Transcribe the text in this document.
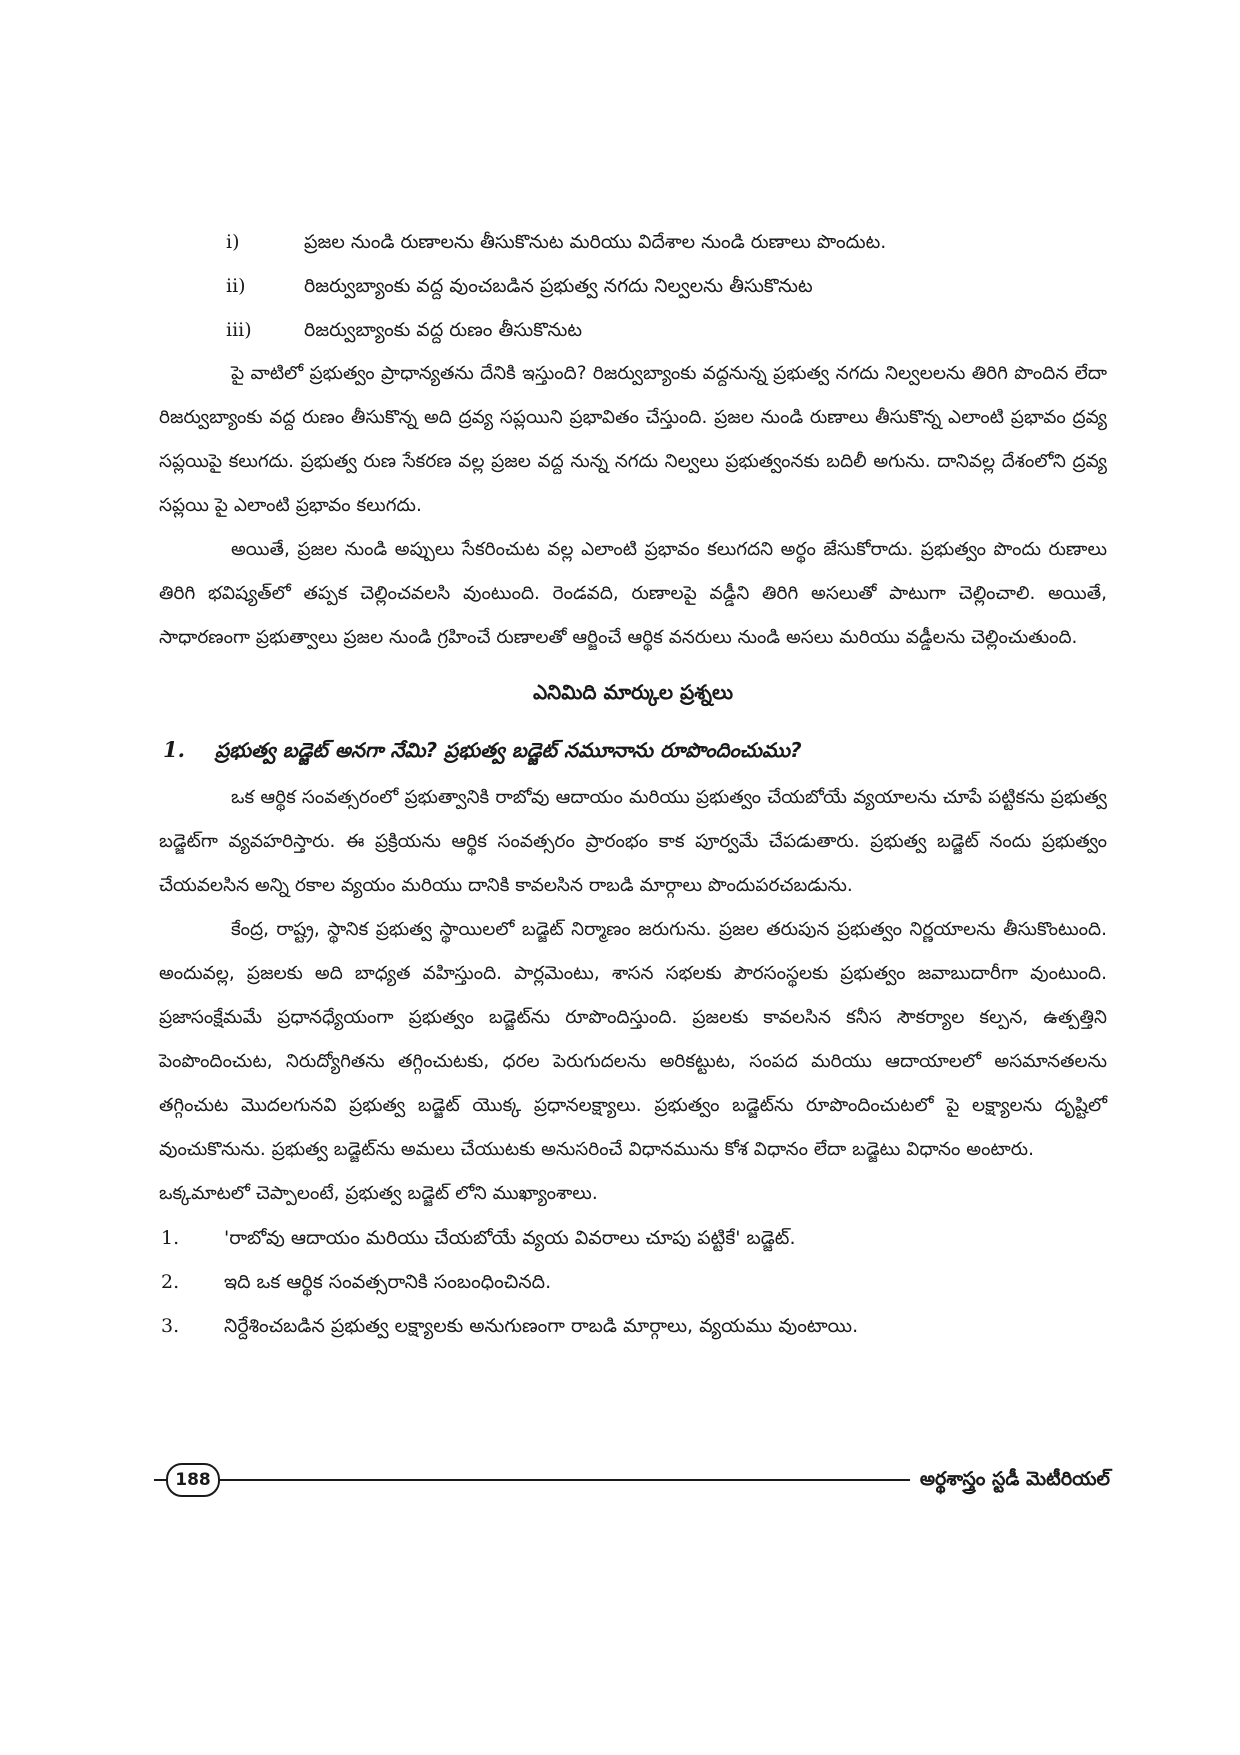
i)	ప్రజల నుండి రుణాలను తీసుకొనుట మరియు విదేశాల నుండి రుణాలు పొందుట.
ii)	రిజర్వుబ్యాంకు వద్ద వుంచబడిన ప్రభుత్వ నగదు నిల్వలను తీసుకొనుట
iii)	రిజర్వుబ్యాంకు వద్ద రుణం తీసుకొనుట

పై వాటిలో ప్రభుత్వం ప్రాధాన్యతను దేనికి ఇస్తుంది? రిజర్వుబ్యాంకు వద్దనున్న ప్రభుత్వ నగదు నిల్వలలను తిరిగి పొందిన లేదా రిజర్వుబ్యాంకు వద్ద రుణం తీసుకొన్న అది ద్రవ్య సప్లయిని ప్రభావితం చేస్తుంది. ప్రజల నుండి రుణాలు తీసుకొన్న ఎలాంటి ప్రభావం ద్రవ్య సప్లయిపై కలుగదు. ప్రభుత్వ రుణ సేకరణ వల్ల ప్రజల వద్ద నున్న నగదు నిల్వలు ప్రభుత్వంనకు బదిలీ అగును. దానివల్ల దేశంలోని ద్రవ్య సప్లయి పై ఎలాంటి ప్రభావం కలుగదు.

అయితే, ప్రజల నుండి అప్పులు సేకరించుట వల్ల ఎలాంటి ప్రభావం కలుగదని అర్థం జేసుకోరాదు. ప్రభుత్వం పొందు రుణాలు తిరిగి భవిష్యత్‌లో తప్పక చెల్లించవలసి వుంటుంది. రెండవది, రుణాలపై వడ్డీని తిరిగి అసలుతో పాటుగా చెల్లించాలి. అయితే, సాధారణంగా ప్రభుత్వాలు ప్రజల నుండి గ్రహించే రుణాలతో ఆర్జించే ఆర్థిక వనరులు నుండి అసలు మరియు వడ్డీలను చెల్లించుతుంది.

ఎనిమిది మార్కుల ప్రశ్నలు
1. ప్రభుత్వ బడ్జెట్ అనగా నేమి? ప్రభుత్వ బడ్జెట్ నమూనాను రూపొందించుము?

ఒక ఆర్థిక సంవత్సరంలో ప్రభుత్వానికి రాబోవు ఆదాయం మరియు ప్రభుత్వం చేయబోయే వ్యయాలను చూపే పట్టికను ప్రభుత్వ బడ్జెట్‌గా వ్యవహరిస్తారు. ఈ ప్రక్రియను ఆర్థిక సంవత్సరం ప్రారంభం కాక పూర్వమే చేపడుతారు. ప్రభుత్వ బడ్జెట్ నందు ప్రభుత్వం చేయవలసిన అన్ని రకాల వ్యయం మరియు దానికి కావలసిన రాబడి మార్గాలు పొందుపరచబడును.

కేంద్ర, రాష్ట్ర, స్థానిక ప్రభుత్వ స్థాయిలలో బడ్జెట్ నిర్మాణం జరుగును. ప్రజల తరుపున ప్రభుత్వం నిర్ణయాలను తీసుకొంటుంది. అందువల్ల, ప్రజలకు అది బాధ్యత వహిస్తుంది. పార్లమెంటు, శాసన సభలకు పౌరసంస్థలకు ప్రభుత్వం జవాబుదారీగా వుంటుంది. ప్రజాసంక్షేమమే ప్రధానధ్యేయంగా ప్రభుత్వం బడ్జెట్‌ను రూపొందిస్తుంది. ప్రజలకు కావలసిన కనీస సౌకర్యాల కల్పన, ఉత్పత్తిని పెంపొందించుట, నిరుద్యోగితను తగ్గించుటకు, ధరల పెరుగుదలను అరికట్టుట, సంపద మరియు ఆదాయాలలో అసమానతలను తగ్గించుట మొదలగునవి ప్రభుత్వ బడ్జెట్ యొక్క ప్రధానలక్ష్యాలు. ప్రభుత్వం బడ్జెట్‌ను రూపొందించుటలో పై లక్ష్యాలను దృష్టిలో వుంచుకొనును. ప్రభుత్వ బడ్జెట్‌ను అమలు చేయుటకు అనుసరించే విధానమును కోశ విధానం లేదా బడ్జెటు విధానం అంటారు.

ఒక్కమాటలో చెప్పాలంటే, ప్రభుత్వ బడ్జెట్ లోని ముఖ్యాంశాలు.

1. 'రాబోవు ఆదాయం మరియు చేయబోయే వ్యయ వివరాలు చూపు పట్టికే' బడ్జెట్.
2. ఇది ఒక ఆర్థిక సంవత్సరానికి సంబంధించినది.
3. నిర్దేశించబడిన ప్రభుత్వ లక్ష్యాలకు అనుగుణంగా రాబడి మార్గాలు, వ్యయము వుంటాయి.
188	అర్థశాస్త్రం స్టడీ మెటీరియల్
